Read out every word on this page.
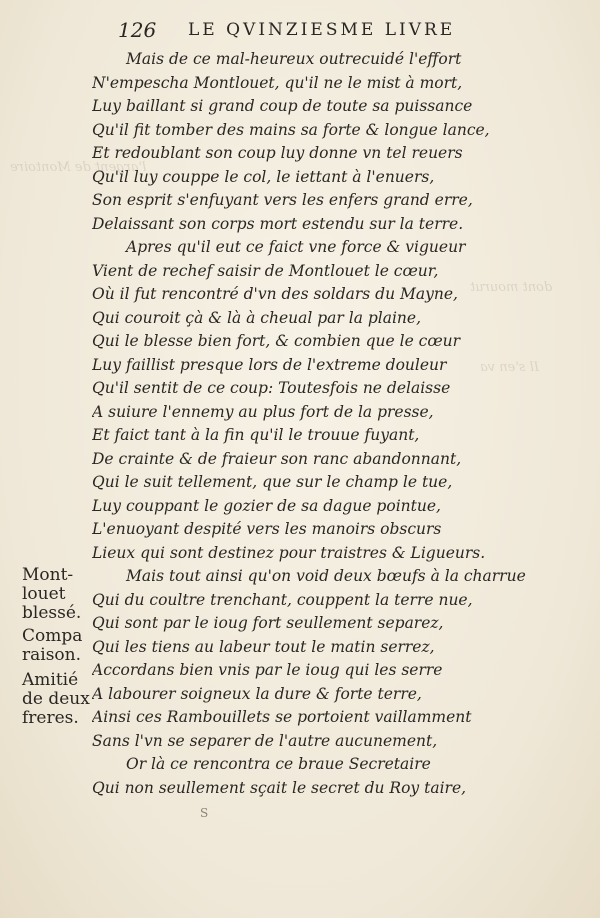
126 LE QVINZIESME LIVRE
l'argent de Montoire
dont mourut
Il s'en va
Mais de ce mal-heureux outrecuidé l'effort
N'empescha Montlouet, qu'il ne le mist à mort,
Luy baillant si grand coup de toute sa puissance
Qu'il fit tomber des mains sa forte & longue lance,
Et redoublant son coup luy donne vn tel reuers
Qu'il luy couppe le col, le iettant à l'enuers,
Son esprit s'enfuyant vers les enfers grand erre,
Delaissant son corps mort estendu sur la terre.
Apres qu'il eut ce faict vne force & vigueur
Vient de rechef saisir de Montlouet le cœur,
Où il fut rencontré d'vn des soldars du Mayne,
Qui couroit çà & là à cheual par la plaine,
Qui le blesse bien fort, & combien que le cœur
Luy faillist presque lors de l'extreme douleur
Qu'il sentit de ce coup: Toutesfois ne delaisse
A suiure l'ennemy au plus fort de la presse,
Et faict tant à la fin qu'il le trouue fuyant,
De crainte & de fraieur son ranc abandonnant,
Qui le suit tellement, que sur le champ le tue,
Luy couppant le gozier de sa dague pointue,
L'enuoyant despité vers les manoirs obscurs
Lieux qui sont destinez pour traistres & Ligueurs.
Mais tout ainsi qu'on void deux bœufs à la charrue
Qui du coultre trenchant, couppent la terre nue,
Qui sont par le ioug fort seullement separez,
Qui les tiens au labeur tout le matin serrez,
Accordans bien vnis par le ioug qui les serre
A labourer soigneux la dure & forte terre,
Ainsi ces Rambouillets se portoient vaillamment
Sans l'vn se separer de l'autre aucunement,
Or là ce rencontra ce braue Secretaire
Qui non seullement sçait le secret du Roy taire,
Mont-
louet
blessé.
Compa
raison.
Amitié
de deux
freres.
S
